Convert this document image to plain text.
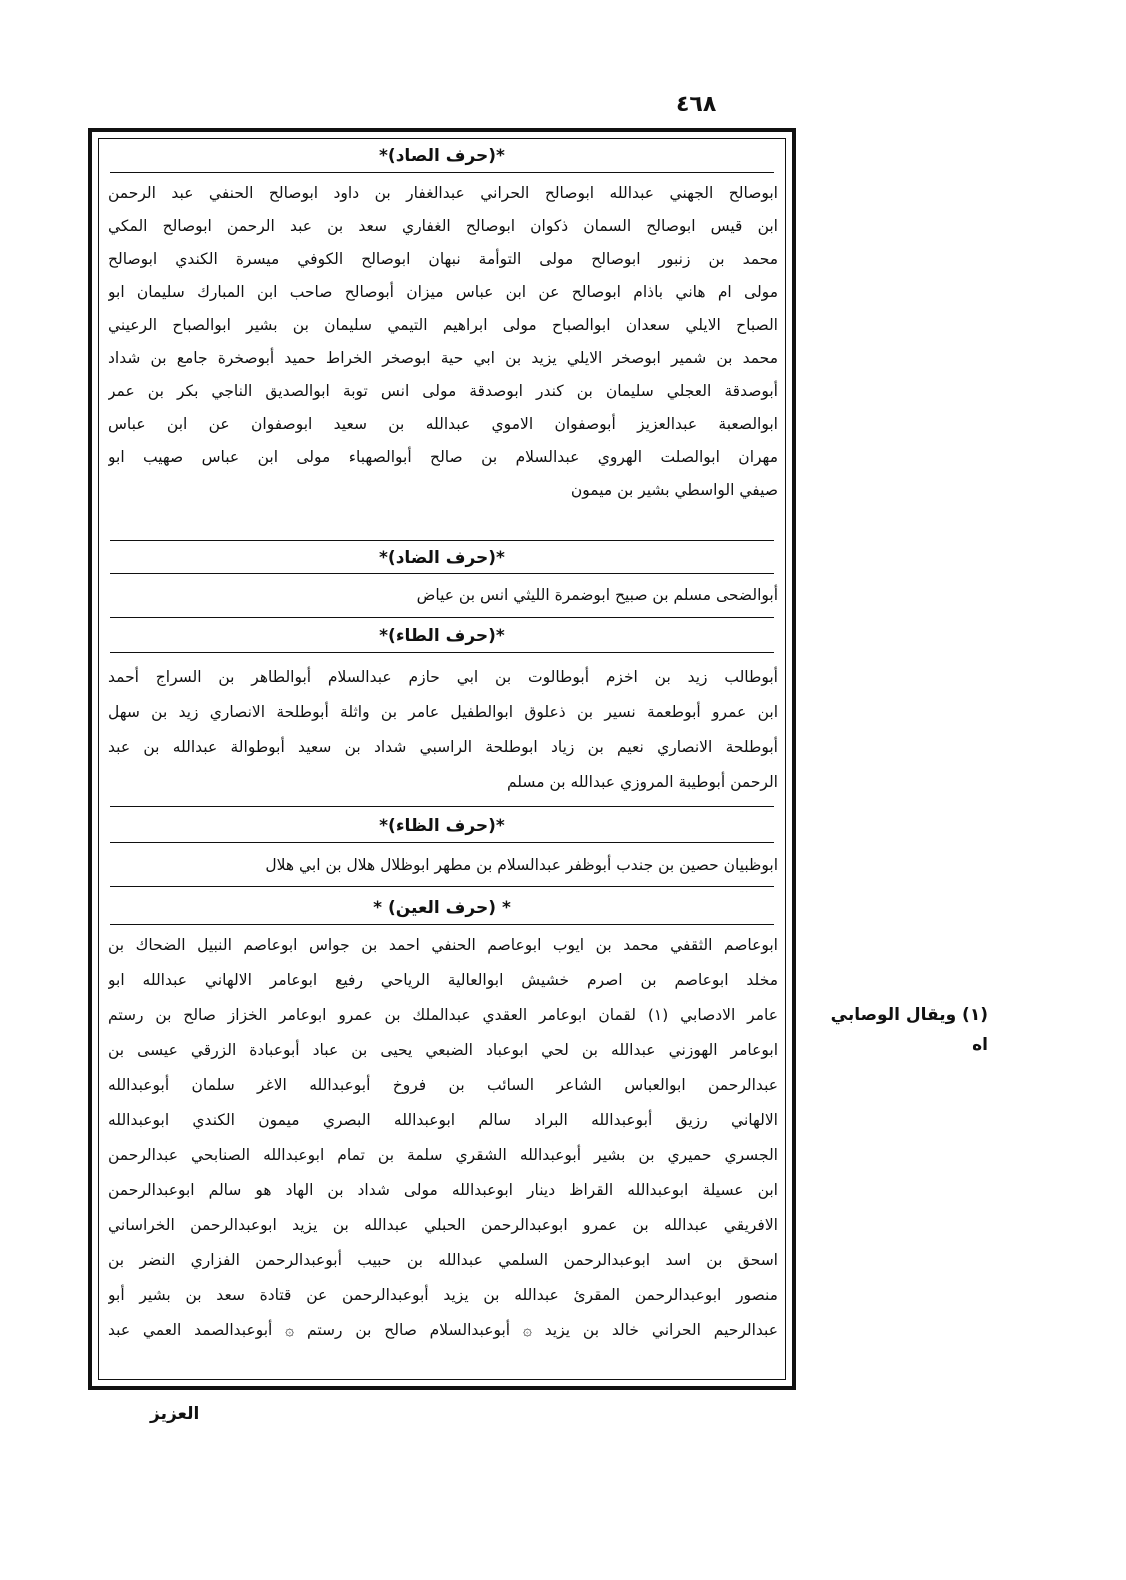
٤٦٨
*(حرف الصاد)*
ابوصالح الجهني عبدالله ابوصالح الحراني عبدالغفار بن داود ابوصالح الحنفي عبد الرحمن
ابن قيس ابوصالح السمان ذكوان ابوصالح الغفاري سعد بن عبد الرحمن ابوصالح المكي
محمد بن زنبور ابوصالح مولى التوأمة نبهان ابوصالح الكوفي ميسرة الكندي ابوصالح
مولى ام هاني باذام ابوصالح عن ابن عباس ميزان أبوصالح صاحب ابن المبارك سليمان ابو
الصباح الايلي سعدان ابوالصباح مولى ابراهيم التيمي سليمان بن بشير ابوالصباح الرعيني
محمد بن شمير ابوصخر الايلي يزيد بن ابي حية ابوصخر الخراط حميد أبوصخرة جامع بن شداد
أبوصدقة العجلي سليمان بن كندر ابوصدقة مولى انس توبة ابوالصديق الناجي بكر بن عمر
ابوالصعبة عبدالعزيز أبوصفوان الاموي عبدالله بن سعيد ابوصفوان عن ابن عباس
مهران ابوالصلت الهروي عبدالسلام بن صالح أبوالصهباء مولى ابن عباس صهيب ابو
صيفي الواسطي بشير بن ميمون
*(حرف الضاد)*
أبوالضحى مسلم بن صبيح ابوضمرة الليثي انس بن عياض
*(حرف الطاء)*
أبوطالب زيد بن اخزم أبوطالوت بن ابي حازم عبدالسلام أبوالطاهر بن السراج أحمد
ابن عمرو أبوطعمة نسير بن ذعلوق ابوالطفيل عامر بن واثلة أبوطلحة الانصاري زيد بن سهل
أبوطلحة الانصاري نعيم بن زياد ابوطلحة الراسبي شداد بن سعيد أبوطوالة عبدالله بن عبد
الرحمن أبوطيبة المروزي عبدالله بن مسلم
*(حرف الظاء)*
ابوظبيان حصين بن جندب أبوظفر عبدالسلام بن مطهر ابوظلال هلال بن ابي هلال
* (حرف العين) *
ابوعاصم الثقفي محمد بن ايوب ابوعاصم الحنفي احمد بن جواس ابوعاصم النبيل الضحاك بن
مخلد ابوعاصم بن اصرم خشيش ابوالعالية الرياحي رفيع ابوعامر الالهاني عبدالله ابو
عامر الادصابي (١) لقمان ابوعامر العقدي عبدالملك بن عمرو ابوعامر الخزاز صالح بن رستم
ابوعامر الهوزني عبدالله بن لحي ابوعباد الضبعي يحيى بن عباد أبوعبادة الزرقي عيسى بن
عبدالرحمن ابوالعباس الشاعر السائب بن فروخ أبوعبدالله الاغر سلمان أبوعبدالله
الالهاني رزيق أبوعبدالله البراد سالم ابوعبدالله البصري ميمون الكندي ابوعبدالله
الجسري حميري بن بشير أبوعبدالله الشقري سلمة بن تمام ابوعبدالله الصنابحي عبدالرحمن
ابن عسيلة ابوعبدالله القراظ دينار ابوعبدالله مولى شداد بن الهاد هو سالم ابوعبدالرحمن
الافريقي عبدالله بن عمرو ابوعبدالرحمن الحبلي عبدالله بن يزيد ابوعبدالرحمن الخراساني
اسحق بن اسد ابوعبدالرحمن السلمي عبدالله بن حبيب أبوعبدالرحمن الفزاري النضر بن
منصور ابوعبدالرحمن المقرئ عبدالله بن يزيد أبوعبدالرحمن عن قتادة سعد بن بشير أبو
عبدالرحيم الحراني خالد بن يزيد ۞ أبوعبدالسلام صالح بن رستم ۞ أبوعبدالصمد العمي عبد
(١) ويقال الوصابي اه
العزيز
